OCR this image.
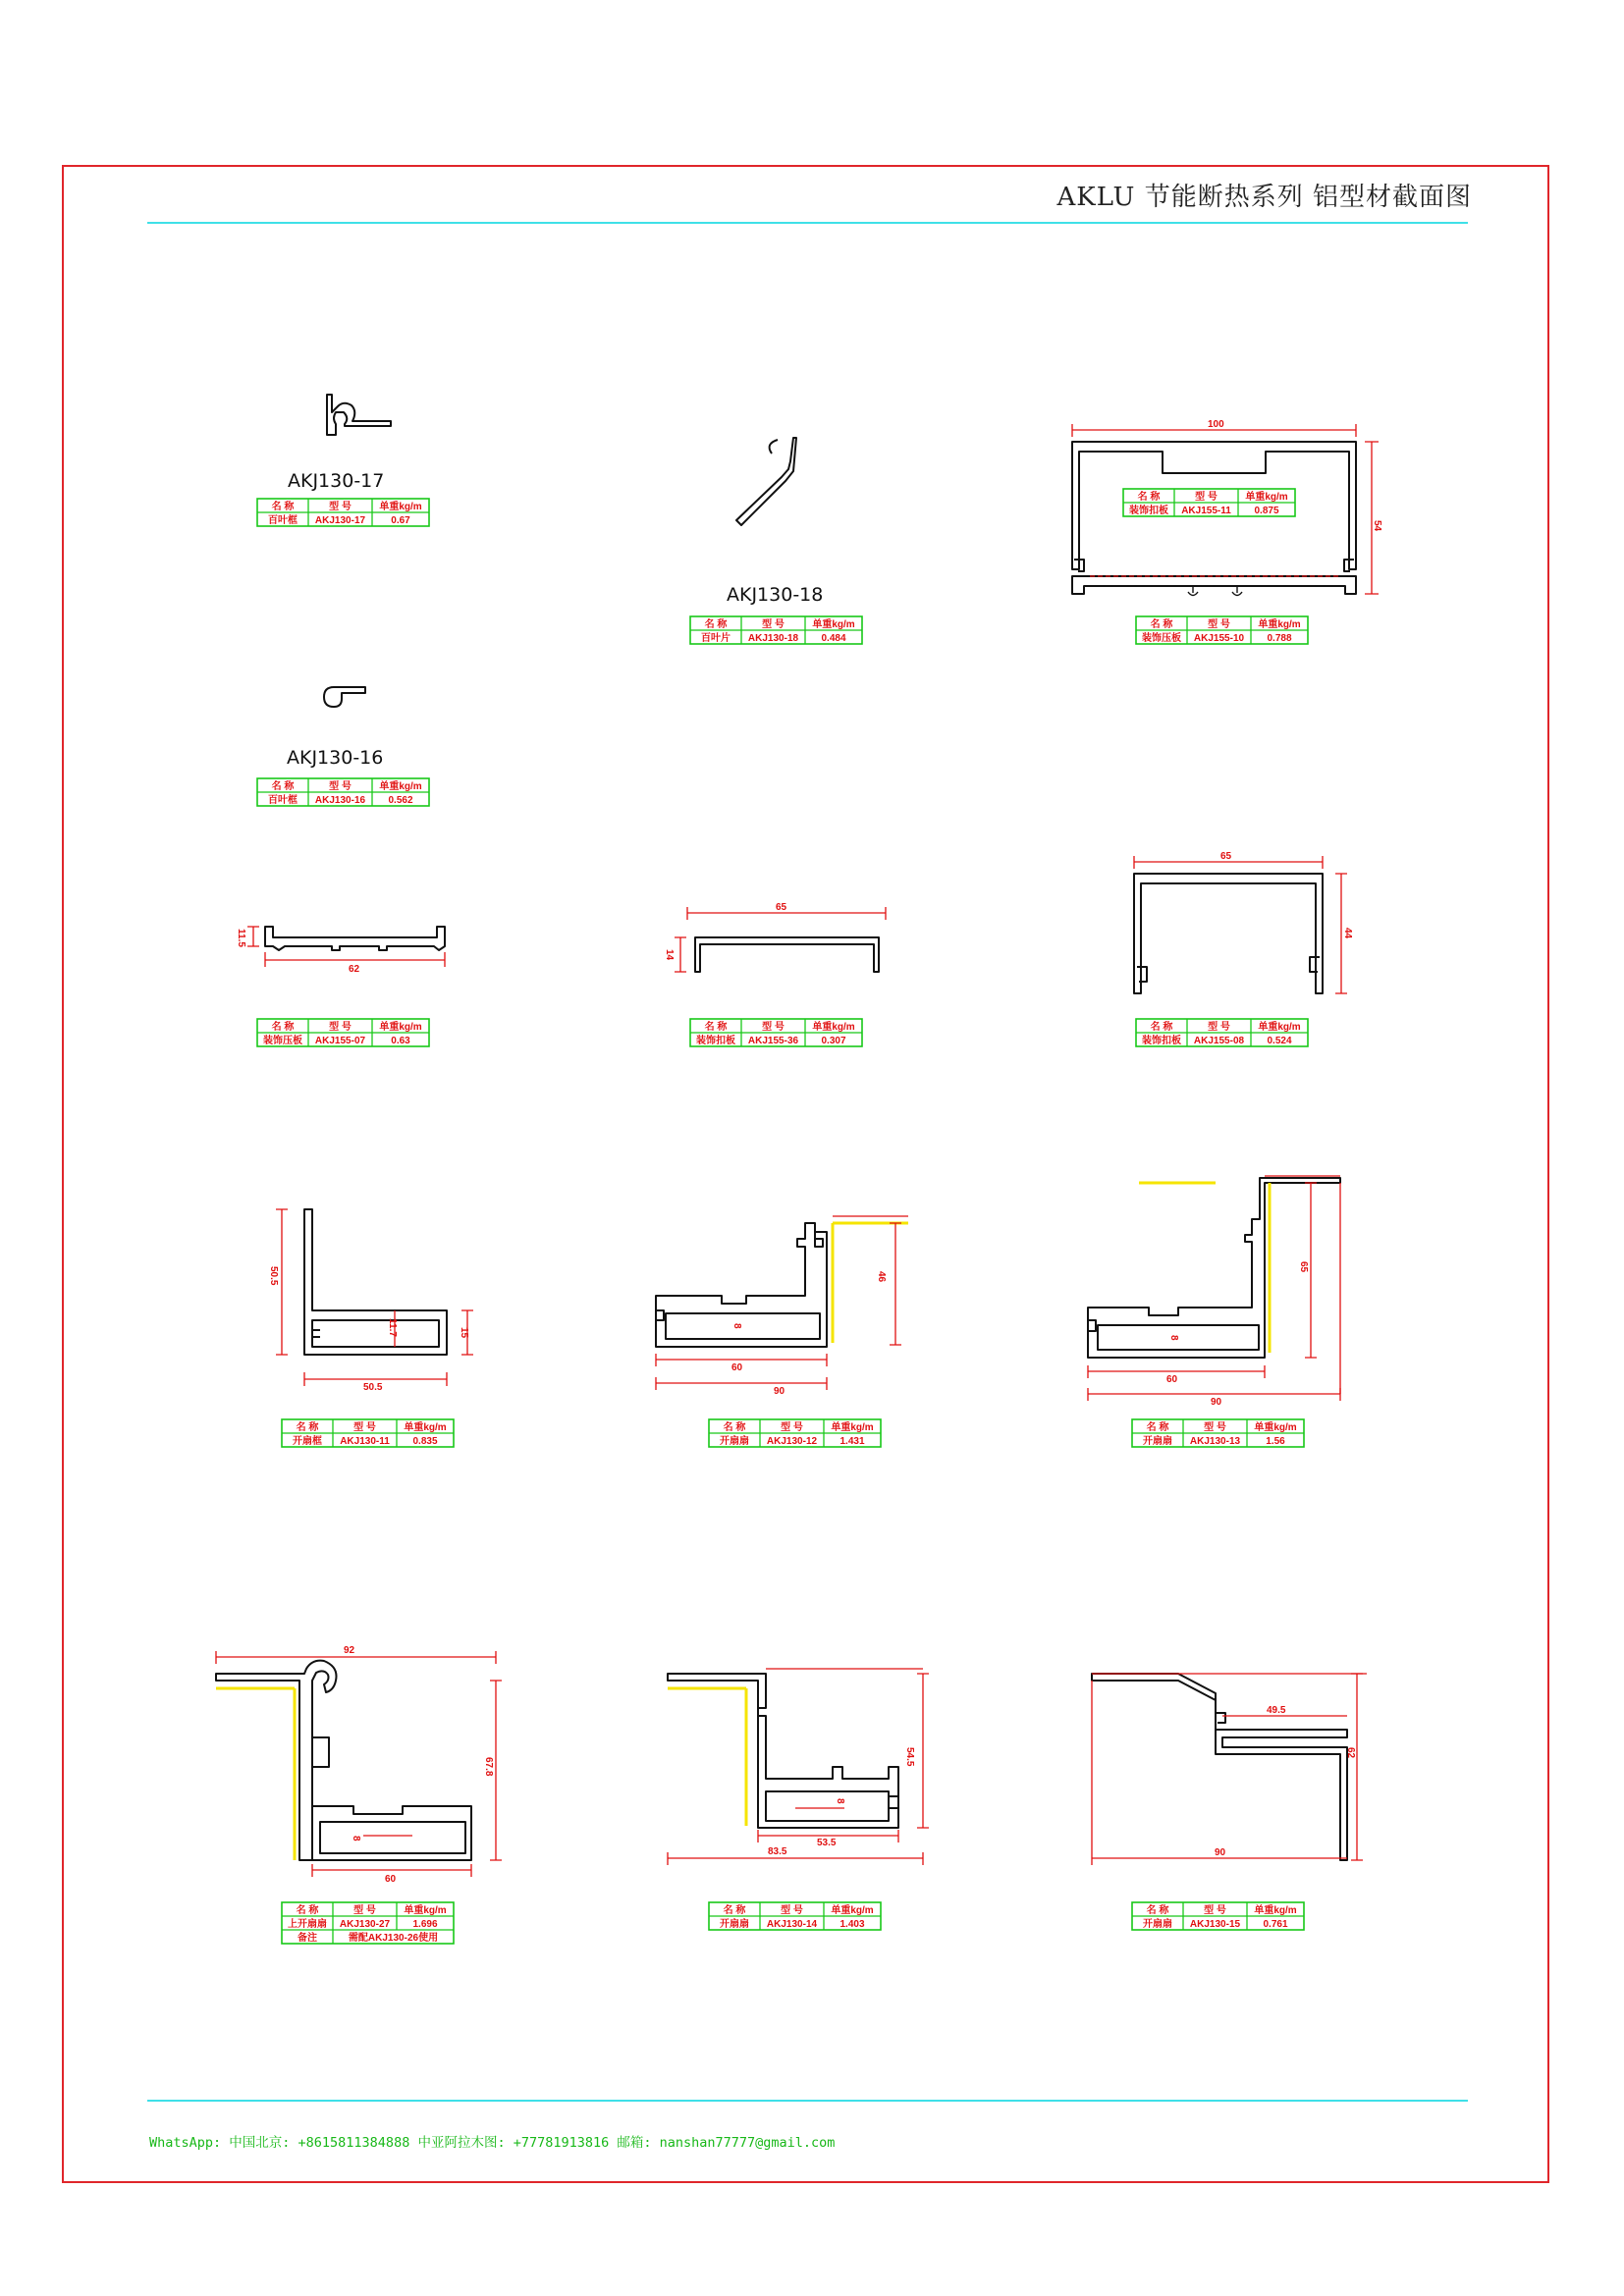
AKLU 节能断热系列 铝型材截面图
WhatsApp: 中国北京: +8615811384888 中亚阿拉木图: +77781913816 邮箱: nanshan77777@gmail.com
AKJ130-17
AKJ130-18
100
54
AKJ130-16
11.5
62
65
14
65
44
50.5
11.7	15
50.5
8
46
60
90
8
65
60
90
92
67.8
8
60
8
54.5
53.5
83.5
49.5
62
90
名 称	型 号	单重kg/m
百叶框 AKJ130-17	0.67
名 称	型 号	单重kg/m
百叶片 AKJ130-18 0.484
名 称	型 号	单重kg/m
装饰扣板 AKJ155-11 0.875
名 称	型 号	单重kg/m
装饰压板 AKJ155-10 0.788
名 称	型 号	单重kg/m
百叶框 AKJ130-16 0.562
名 称	型 号	单重kg/m
装饰压板 AKJ155-07	0.63
名 称	型 号	单重kg/m
装饰扣板 AKJ155-36 0.307
名 称	型 号	单重kg/m
装饰扣板 AKJ155-08 0.524
名 称	型 号	单重kg/m
开扇框 AKJ130-11 0.835
名 称	型 号	单重kg/m
开扇扇 AKJ130-12 1.431
名 称	型 号	单重kg/m
开扇扇 AKJ130-13	1.56
名 称	型 号	单重kg/m
上开扇扇 AKJ130-27 1.696
备注	需配AKJ130-26使用
名 称	型 号	单重kg/m
开扇扇 AKJ130-14 1.403
名 称	型 号	单重kg/m
开扇扇 AKJ130-15 0.761
